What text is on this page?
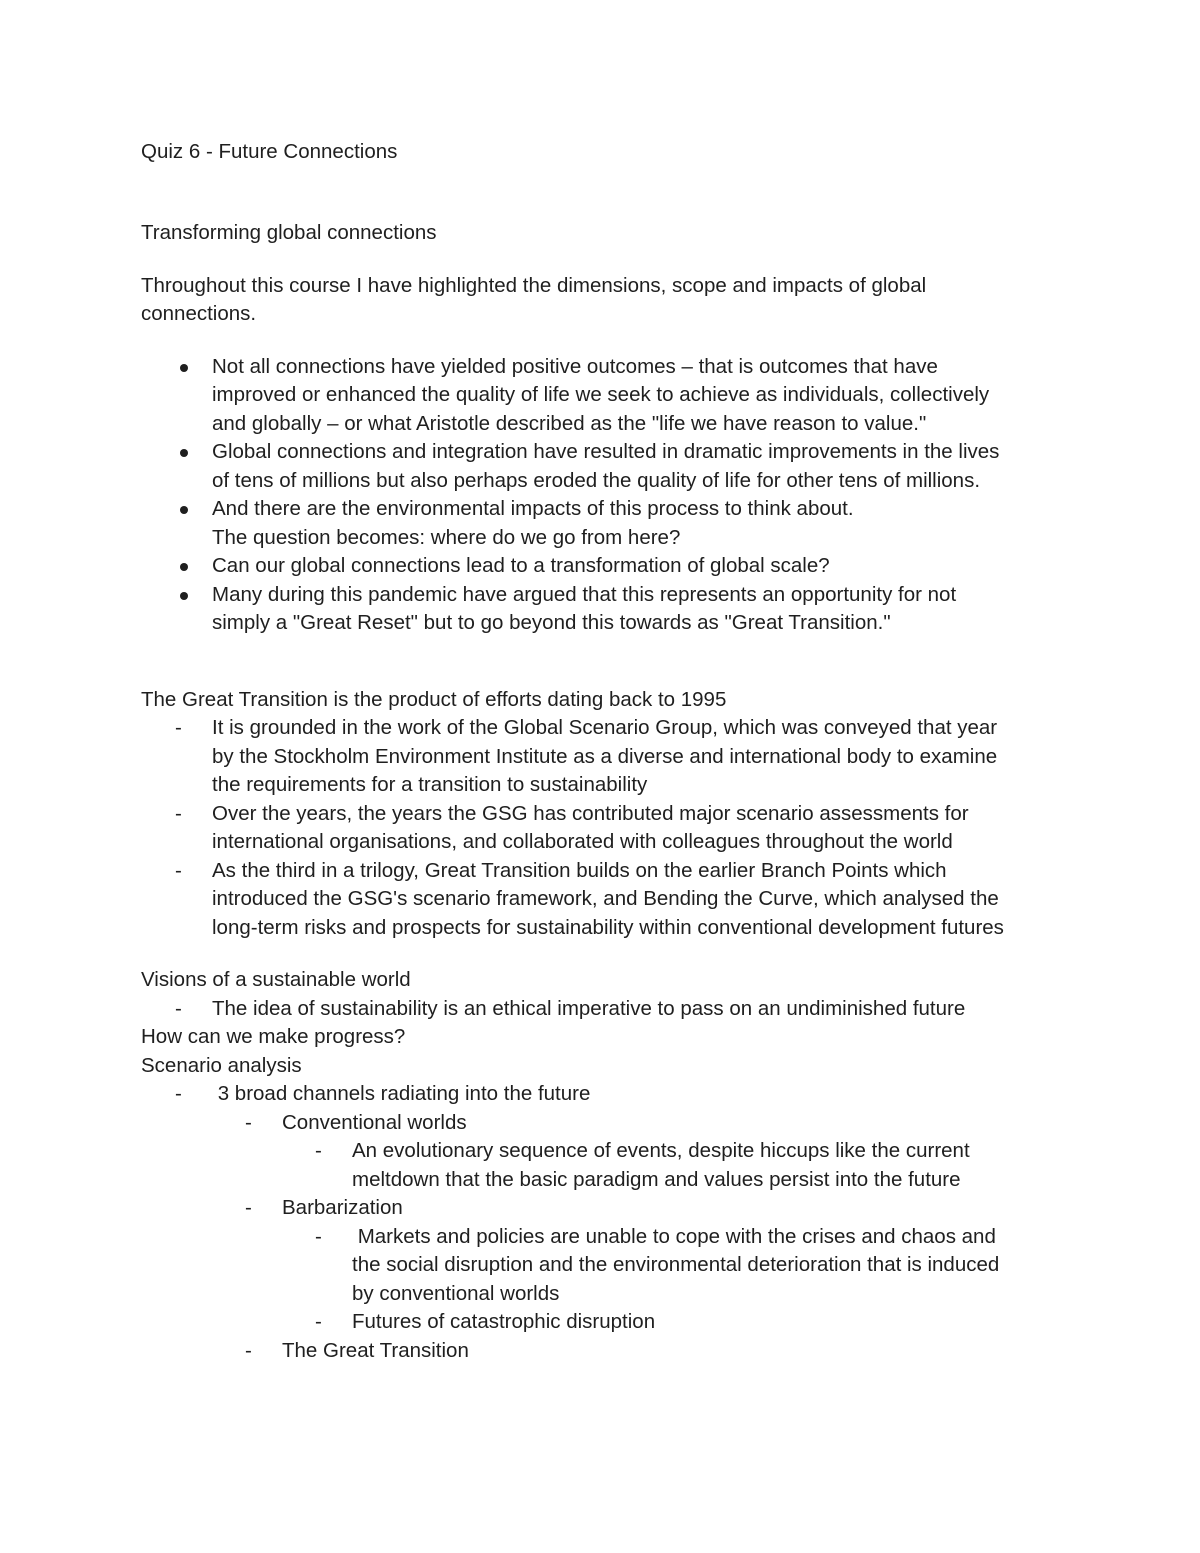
Quiz 6 - Future Connections
Transforming global connections
Throughout this course I have highlighted the dimensions, scope and impacts of global
connections.
Not all connections have yielded positive outcomes – that is outcomes that have
improved or enhanced the quality of life we seek to achieve as individuals, collectively
and globally – or what Aristotle described as the "life we have reason to value."
Global connections and integration have resulted in dramatic improvements in the lives
of tens of millions but also perhaps eroded the quality of life for other tens of millions.
And there are the environmental impacts of this process to think about.
The question becomes: where do we go from here?
Can our global connections lead to a transformation of global scale?
Many during this pandemic have argued that this represents an opportunity for not
simply a "Great Reset" but to go beyond this towards as "Great Transition."
The Great Transition is the product of efforts dating back to 1995
- It is grounded in the work of the Global Scenario Group, which was conveyed that year
by the Stockholm Environment Institute as a diverse and international body to examine
the requirements for a transition to sustainability
- Over the years, the years the GSG has contributed major scenario assessments for
international organisations, and collaborated with colleagues throughout the world
- As the third in a trilogy, Great Transition builds on the earlier Branch Points which
introduced the GSG's scenario framework, and Bending the Curve, which analysed the
long-term risks and prospects for sustainability within conventional development futures
Visions of a sustainable world
- The idea of sustainability is an ethical imperative to pass on an undiminished future
How can we make progress?
Scenario analysis
- 3 broad channels radiating into the future
- Conventional worlds
- An evolutionary sequence of events, despite hiccups like the current
meltdown that the basic paradigm and values persist into the future
- Barbarization
- Markets and policies are unable to cope with the crises and chaos and
the social disruption and the environmental deterioration that is induced
by conventional worlds
- Futures of catastrophic disruption
- The Great Transition
